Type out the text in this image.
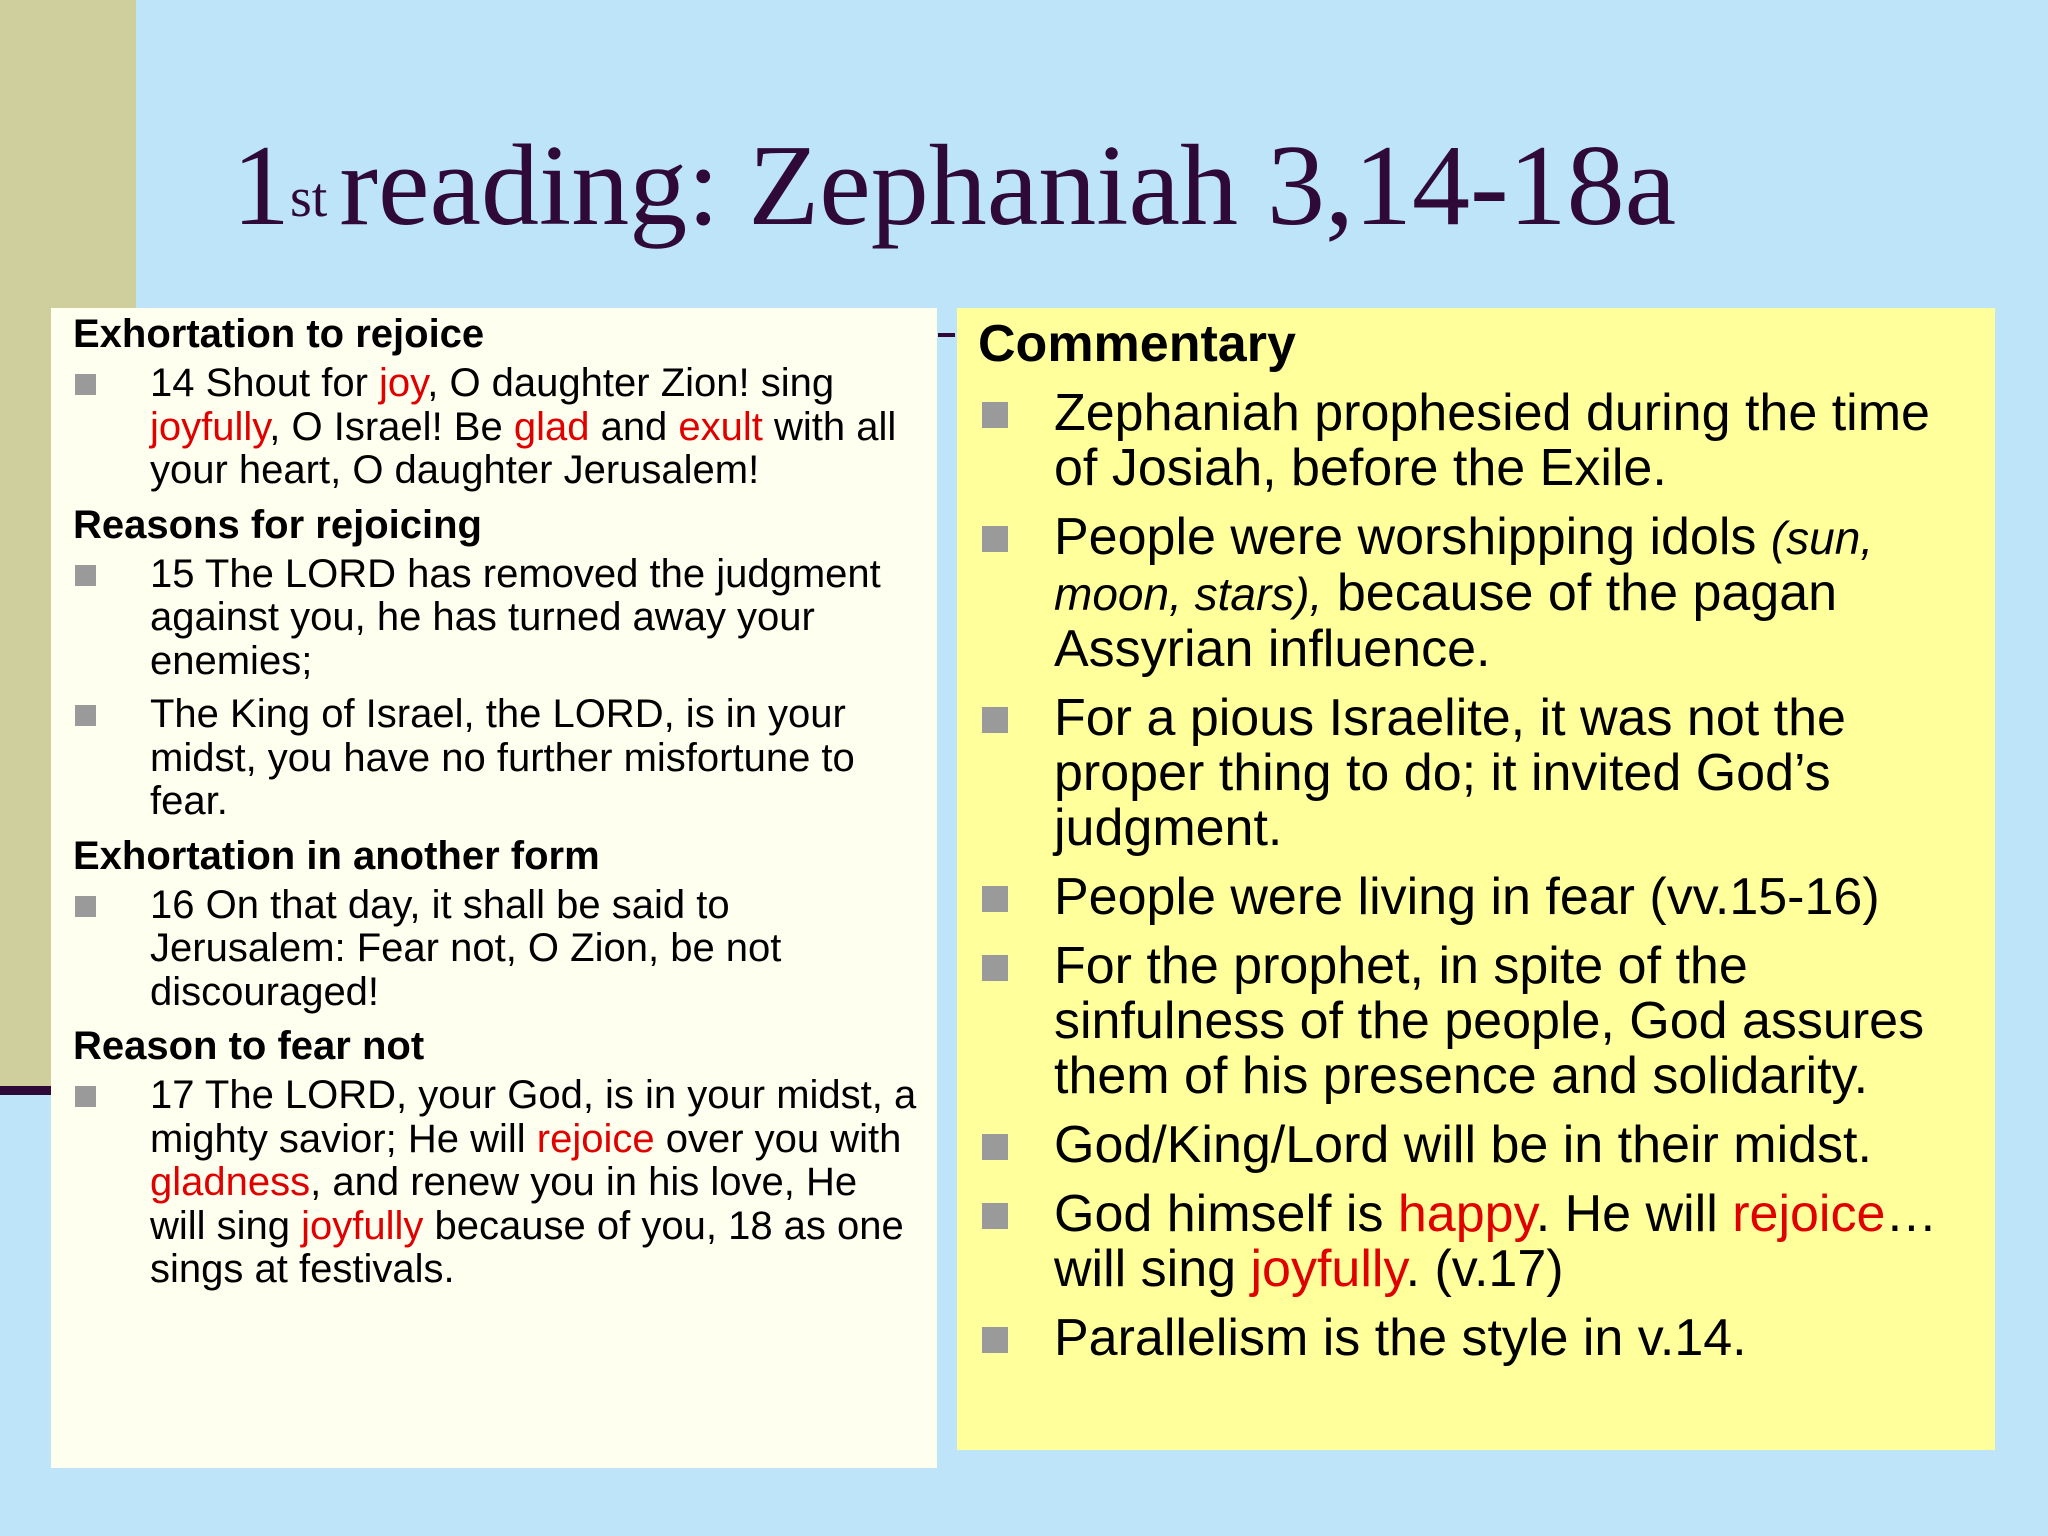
1st reading: Zephaniah 3,14-18a
Exhortation to rejoice
14 Shout for joy, O daughter Zion! sing joyfully, O Israel! Be glad and exult with all your heart, O daughter Jerusalem!
Reasons for rejoicing
15 The LORD has removed the judgment against you, he has turned away your enemies;
The King of Israel, the LORD, is in your midst, you have no further misfortune to fear.
Exhortation in another form
16 On that day, it shall be said to Jerusalem: Fear not, O Zion, be not discouraged!
Reason to fear not
17 The LORD, your God, is in your midst, a mighty savior; He will rejoice over you with gladness, and renew you in his love, He will sing joyfully because of you, 18 as one sings at festivals.
Commentary
Zephaniah prophesied during the time of Josiah, before the Exile.
People were worshipping idols (sun, moon, stars), because of the pagan Assyrian influence.
For a pious Israelite, it was not the proper thing to do; it invited God’s judgment.
People were living in fear (vv.15-16)
For the prophet, in spite of the sinfulness of the people, God assures them of his presence and solidarity.
God/King/Lord will be in their midst.
God himself is happy. He will rejoice… will sing joyfully. (v.17)
Parallelism is the style in v.14.
